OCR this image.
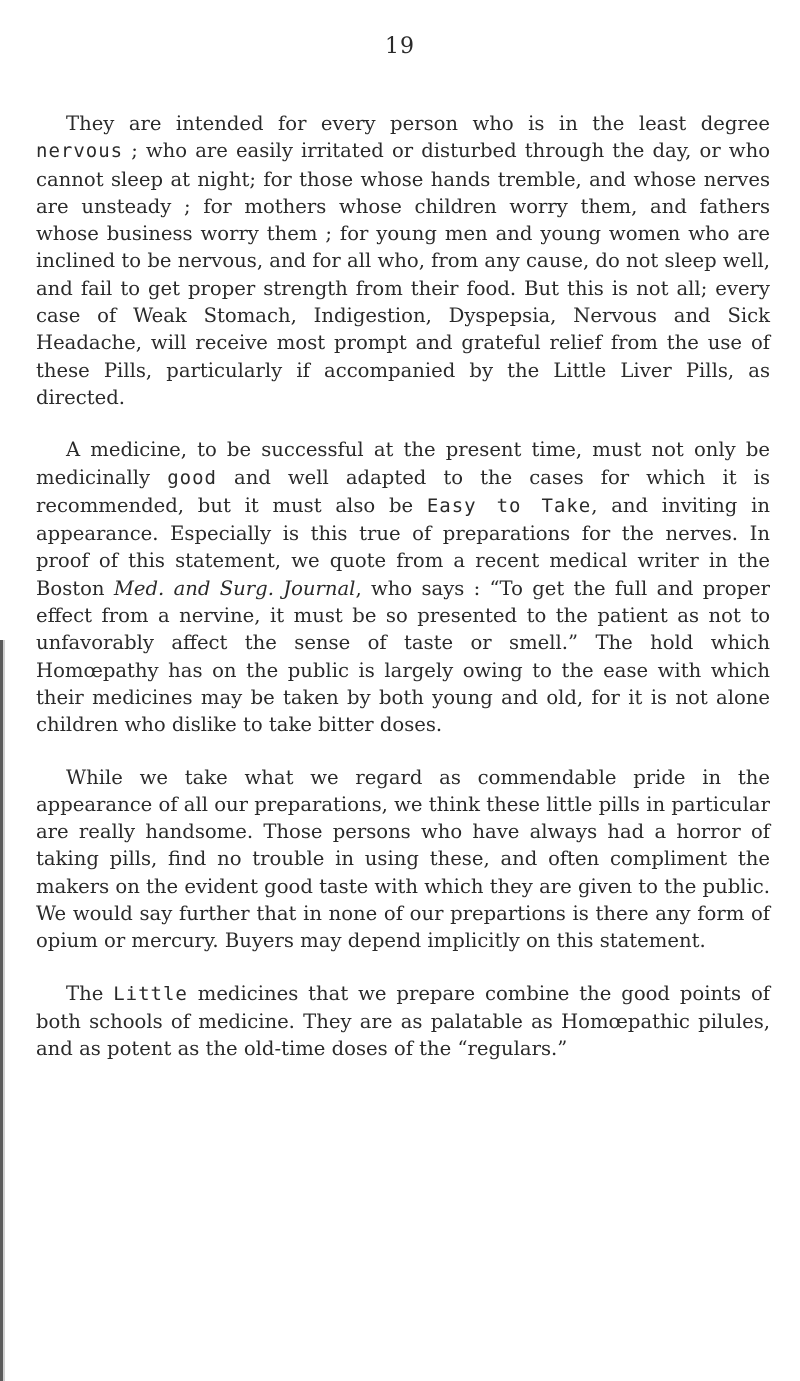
19

They are intended for every person who is in the least degree nervous ; who are easily irritated or disturbed through the day, or who cannot sleep at night; for those whose hands tremble, and whose nerves are unsteady ; for mothers whose children worry them, and fathers whose business worry them ; for young men and young women who are inclined to be nervous, and for all who, from any cause, do not sleep well, and fail to get proper strength from their food. But this is not all; every case of Weak Stomach, Indigestion, Dyspepsia, Nervous and Sick Headache, will receive most prompt and grateful relief from the use of these Pills, particularly if accompanied by the Little Liver Pills, as directed.

A medicine, to be successful at the present time, must not only be medicinally good and well adapted to the cases for which it is recommended, but it must also be Easy to Take, and inviting in appearance. Especially is this true of preparations for the nerves. In proof of this statement, we quote from a recent medical writer in the Boston Med. and Surg. Journal, who says : “To get the full and proper effect from a nervine, it must be so presented to the patient as not to unfavorably affect the sense of taste or smell.” The hold which Homœpathy has on the public is largely owing to the ease with which their medicines may be taken by both young and old, for it is not alone children who dislike to take bitter doses.

While we take what we regard as commendable pride in the appearance of all our preparations, we think these little pills in particular are really handsome. Those persons who have always had a horror of taking pills, find no trouble in using these, and often compliment the makers on the evident good taste with which they are given to the public. We would say further that in none of our prepartions is there any form of opium or mercury. Buyers may depend implicitly on this statement.

The Little medicines that we prepare combine the good points of both schools of medicine. They are as palatable as Homœpathic pilules, and as potent as the old-time doses of the “regulars.”
